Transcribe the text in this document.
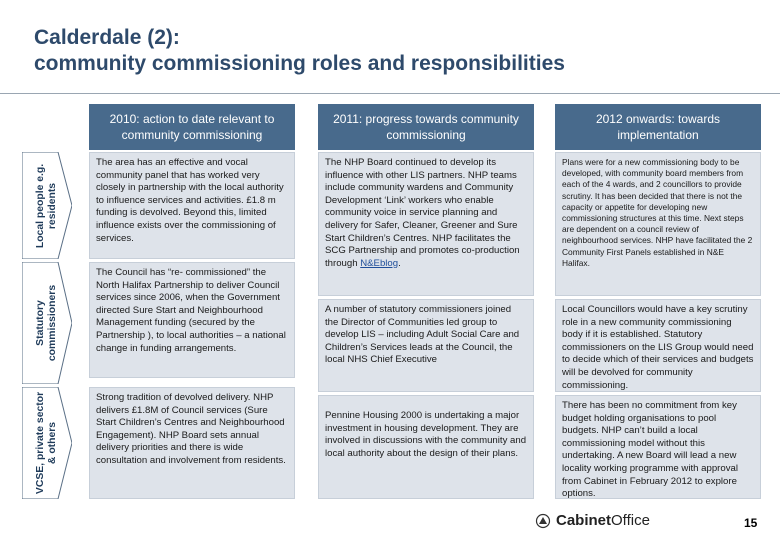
Calderdale (2):
community commissioning roles and responsibilities
2010: action to date relevant to community commissioning
2011: progress towards community commissioning
2012 onwards: towards implementation
Local people e.g. residents
Statutory commissioners
VCSE, private sector & others
The area has an effective and vocal community panel that has worked very closely in partnership with the local authority to influence services and activities. £1.8 m funding is devolved. Beyond this, limited influence exists over the commissioning of services.
The NHP Board continued to develop its influence with other LIS partners. NHP teams include community wardens and Community Development ‘Link’ workers who enable community voice in service planning and delivery for Safer, Cleaner, Greener and Sure Start Children’s Centres. NHP facilitates the SCG Partnership and promotes co-production through N&Eblog.
Plans were for a new commissioning body to be developed, with community board members from each of the 4 wards, and 2 councillors to provide scrutiny. It has been decided that there is not the capacity or appetite for developing new commissioning structures at this time. Next steps are dependent on a council review of neighbourhood services. NHP have facilitated the 2 Community First Panels established in N&E Halifax.
The Council has “re- commissioned” the North Halifax Partnership to deliver Council services since 2006, when the Government directed Sure Start and Neighbourhood Management funding (secured by the Partnership ), to local authorities – a national change in funding arrangements.
A number of statutory commissioners joined the Director of Communities led group to develop LIS – including Adult Social Care and Children’s Services leads at the Council, the local NHS Chief Executive
Local Councillors would have a key scrutiny role in a new community commissioning body if it is established. Statutory commissioners on the LIS Group would need to decide which of their services and budgets will be devolved for community commissioning.
Strong tradition of devolved delivery. NHP delivers £1.8M of Council services (Sure Start Children’s Centres and Neighbourhood Engagement). NHP Board sets annual delivery priorities and there is wide consultation and involvement from residents.
Pennine Housing 2000 is undertaking a major investment in housing development. They are involved in discussions with the community and local authority about the design of their plans.
There has been no commitment from key budget holding organisations to pool budgets. NHP can’t build a local commissioning model without this undertaking. A new Board will lead a new locality working programme with approval from Cabinet in February 2012 to explore options.
CabinetOffice	15
